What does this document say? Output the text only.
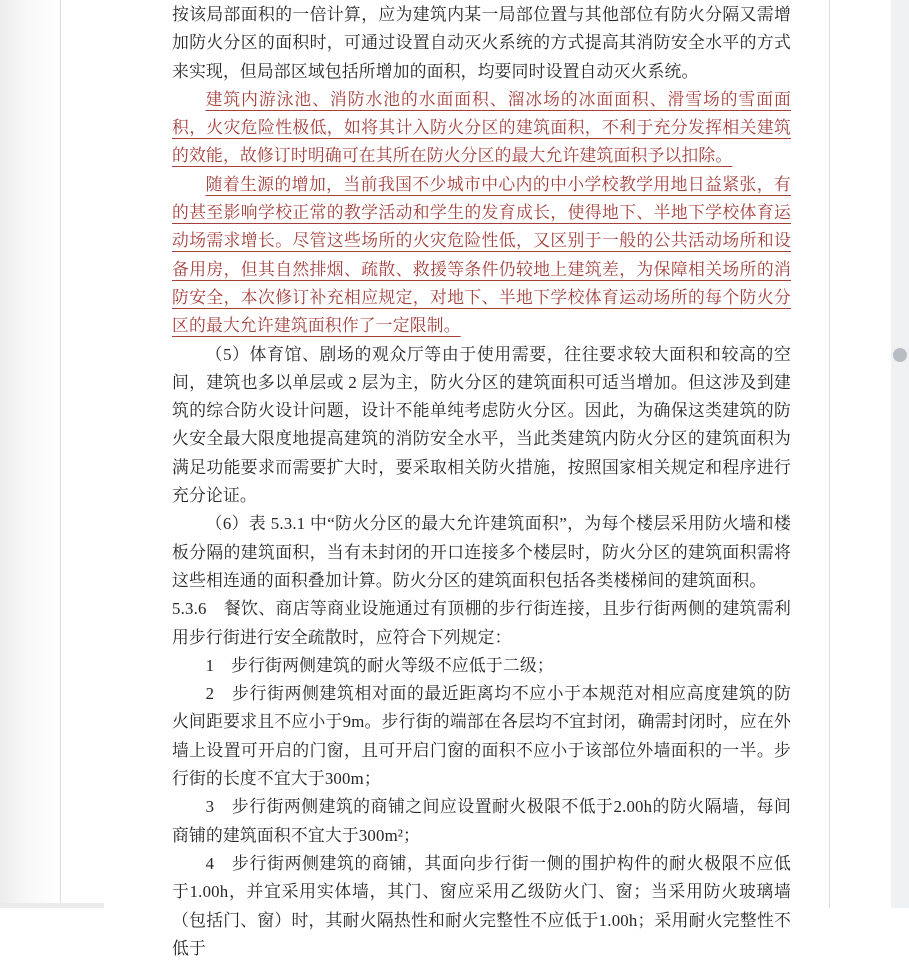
按该局部面积的一倍计算，应为建筑内某一局部位置与其他部位有防火分隔又需增加防火分区的面积时，可通过设置自动灭火系统的方式提高其消防安全水平的方式来实现，但局部区域包括所增加的面积，均要同时设置自动灭火系统。

建筑内游泳池、消防水池的水面面积、溜冰场的冰面面积、滑雪场的雪面面积，火灾危险性极低，如将其计入防火分区的建筑面积，不利于充分发挥相关建筑的效能，故修订时明确可在其所在防火分区的最大允许建筑面积予以扣除。

随着生源的增加，当前我国不少城市中心内的中小学校教学用地日益紧张，有的甚至影响学校正常的教学活动和学生的发育成长，使得地下、半地下学校体育运动场需求增长。尽管这些场所的火灾危险性低，又区别于一般的公共活动场所和设备用房，但其自然排烟、疏散、救援等条件仍较地上建筑差，为保障相关场所的消防安全，本次修订补充相应规定，对地下、半地下学校体育运动场所的每个防火分区的最大允许建筑面积作了一定限制。

（5）体育馆、剧场的观众厅等由于使用需要，往往要求较大面积和较高的空间，建筑也多以单层或 2 层为主，防火分区的建筑面积可适当增加。但这涉及到建筑的综合防火设计问题，设计不能单纯考虑防火分区。因此，为确保这类建筑的防火安全最大限度地提高建筑的消防安全水平，当此类建筑内防火分区的建筑面积为满足功能要求而需要扩大时，要采取相关防火措施，按照国家相关规定和程序进行充分论证。

（6）表 5.3.1 中“防火分区的最大允许建筑面积”，为每个楼层采用防火墙和楼板分隔的建筑面积，当有未封闭的开口连接多个楼层时，防火分区的建筑面积需将这些相连通的面积叠加计算。防火分区的建筑面积包括各类楼梯间的建筑面积。

5.3.6　餐饮、商店等商业设施通过有顶棚的步行街连接，且步行街两侧的建筑需利用步行街进行安全疏散时，应符合下列规定：

1　步行街两侧建筑的耐火等级不应低于二级；

2　步行街两侧建筑相对面的最近距离均不应小于本规范对相应高度建筑的防火间距要求且不应小于9m。步行街的端部在各层均不宜封闭，确需封闭时，应在外墙上设置可开启的门窗，且可开启门窗的面积不应小于该部位外墙面积的一半。步行街的长度不宜大于300m；

3　步行街两侧建筑的商铺之间应设置耐火极限不低于2.00h的防火隔墙，每间商铺的建筑面积不宜大于300m²；

4　步行街两侧建筑的商铺，其面向步行街一侧的围护构件的耐火极限不应低于1.00h，并宜采用实体墙，其门、窗应采用乙级防火门、窗；当采用防火玻璃墙（包括门、窗）时，其耐火隔热性和耐火完整性不应低于1.00h；采用耐火完整性不低于
